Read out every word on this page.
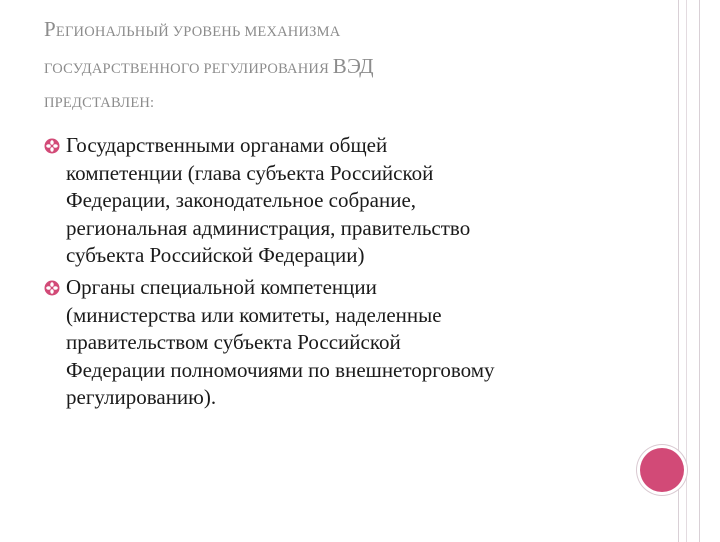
РЕГИОНАЛЬНЫЙ УРОВЕНЬ МЕХАНИЗМА
ГОСУДАРСТВЕННОГО РЕГУЛИРОВАНИЯ ВЭД
ПРЕДСТАВЛЕН:
Государственными органами общей
компетенции (глава субъекта Российской
Федерации, законодательное собрание,
региональная администрация, правительство
субъекта Российской Федерации)
Органы специальной компетенции
(министерства или комитеты, наделенные
правительством субъекта Российской
Федерации полномочиями по внешнеторговому
регулированию).
